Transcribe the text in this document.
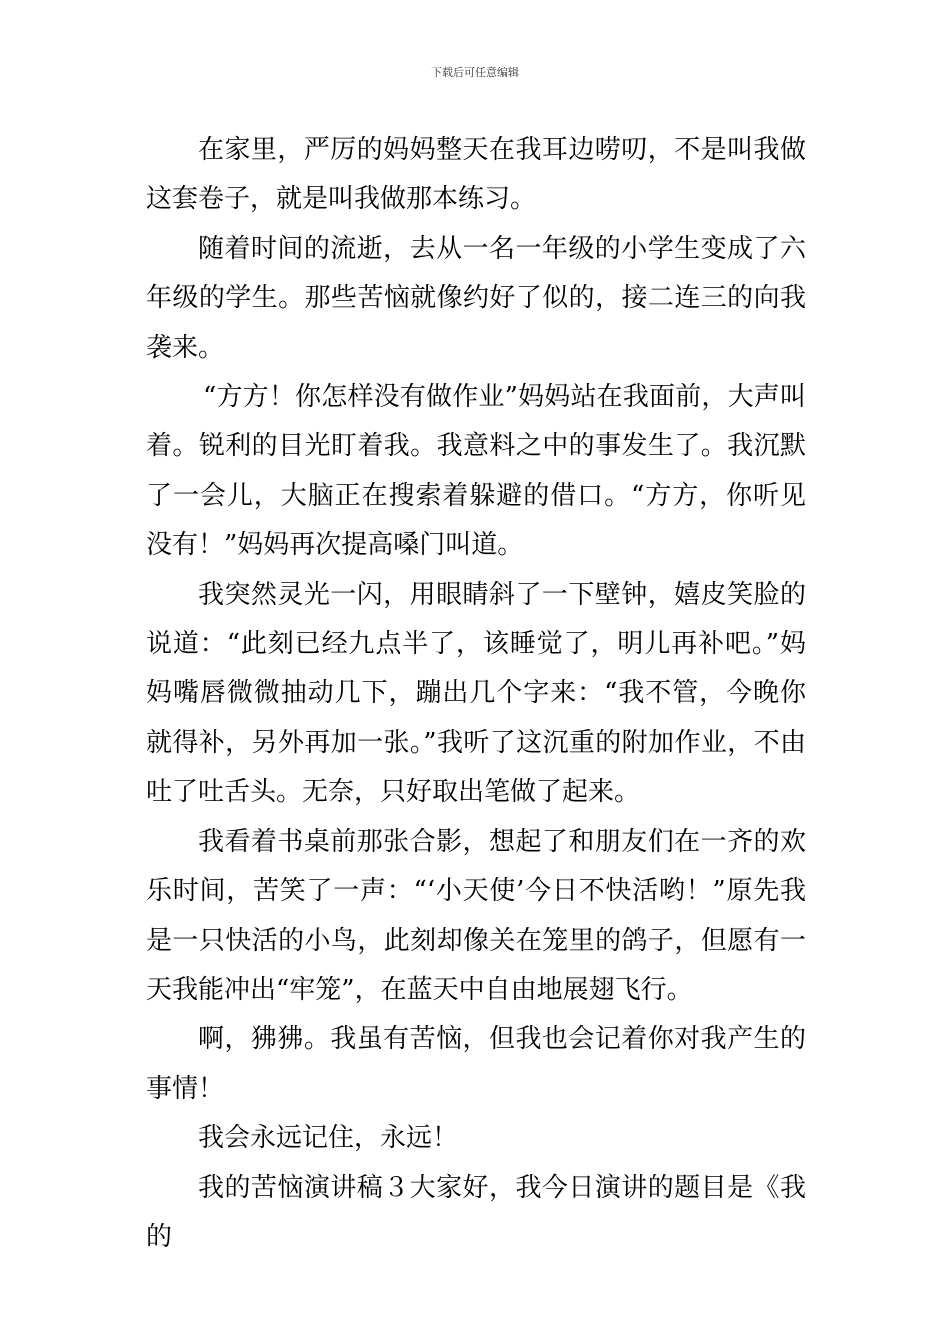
下载后可任意编辑

在家里，严厉的妈妈整天在我耳边唠叨，不是叫我做这套卷子，就是叫我做那本练习。

随着时间的流逝，去从一名一年级的小学生变成了六年级的学生。那些苦恼就像约好了似的，接二连三的向我袭来。

“方方！你怎样没有做作业”妈妈站在我面前，大声叫着。锐利的目光盯着我。我意料之中的事发生了。我沉默了一会儿，大脑正在搜索着躲避的借口。“方方，你听见没有！”妈妈再次提高嗓门叫道。

我突然灵光一闪，用眼睛斜了一下壁钟，嬉皮笑脸的说道：“此刻已经九点半了，该睡觉了，明儿再补吧。”妈妈嘴唇微微抽动几下，蹦出几个字来：“我不管，今晚你就得补，另外再加一张。”我听了这沉重的附加作业，不由吐了吐舌头。无奈，只好取出笔做了起来。

我看着书桌前那张合影，想起了和朋友们在一齐的欢乐时间，苦笑了一声：“‘小天使’今日不快活哟！”原先我是一只快活的小鸟，此刻却像关在笼里的鸽子，但愿有一天我能冲出“牢笼”，在蓝天中自由地展翅飞行。

啊，狒狒。我虽有苦恼，但我也会记着你对我产生的事情！

我会永远记住，永远！

我的苦恼演讲稿３大家好，我今日演讲的题目是《我的
